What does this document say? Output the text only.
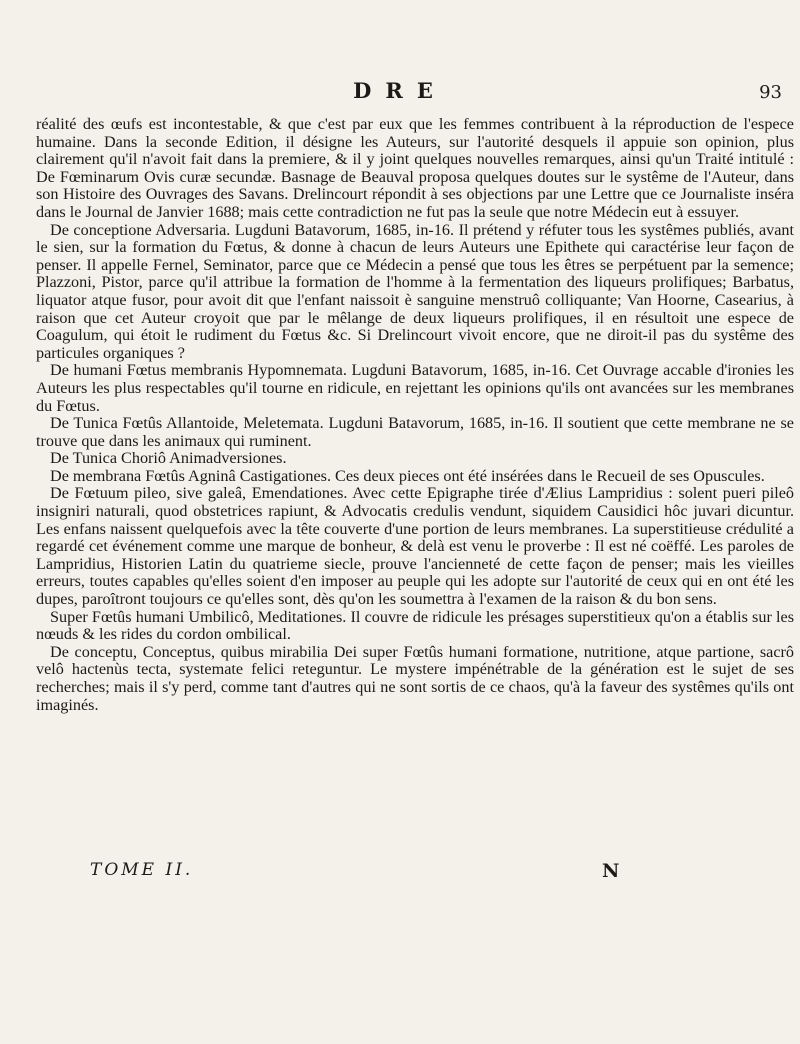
DRE	93

réalité des œufs est incontestable, & que c'est par eux que les femmes contribuent à la réproduction de l'espece humaine. Dans la seconde Edition, il désigne les Auteurs, sur l'autorité desquels il appuie son opinion, plus clairement qu'il n'avoit fait dans la premiere, & il y joint quelques nouvelles remarques, ainsi qu'un Traité intitulé : De Fœminarum Ovis curæ secundæ. Basnage de Beauval proposa quelques doutes sur le systême de l'Auteur, dans son Histoire des Ouvrages des Savans. Drelincourt répondit à ses objections par une Lettre que ce Journaliste inséra dans le Journal de Janvier 1688; mais cette contradiction ne fut pas la seule que notre Médecin eut à essuyer.

De conceptione Adversaria. Lugduni Batavorum, 1685, in-16. Il prétend y réfuter tous les systêmes publiés, avant le sien, sur la formation du Fœtus, & donne à chacun de leurs Auteurs une Epithete qui caractérise leur façon de penser. Il appelle Fernel, Seminator, parce que ce Médecin a pensé que tous les êtres se perpétuent par la semence; Plazzoni, Pistor, parce qu'il attribue la formation de l'homme à la fermentation des liqueurs prolifiques; Barbatus, liquator atque fusor, pour avoit dit que l'enfant naissoit è sanguine menstruô colliquante; Van Hoorne, Casearius, à raison que cet Auteur croyoit que par le mêlange de deux liqueurs prolifiques, il en résultoit une espece de Coagulum, qui étoit le rudiment du Fœtus &c. Si Drelincourt vivoit encore, que ne diroit-il pas du systême des particules organiques ?

De humani Fœtus membranis Hypomnemata. Lugduni Batavorum, 1685, in-16. Cet Ouvrage accable d'ironies les Auteurs les plus respectables qu'il tourne en ridicule, en rejettant les opinions qu'ils ont avancées sur les membranes du Fœtus.

De Tunica Fœtûs Allantoide, Meletemata. Lugduni Batavorum, 1685, in-16. Il soutient que cette membrane ne se trouve que dans les animaux qui ruminent.

De Tunica Choriô Animadversiones.

De membrana Fœtûs Agninâ Castigationes. Ces deux pieces ont été insérées dans le Recueil de ses Opuscules.

De Fœtuum pileo, sive galeâ, Emendationes. Avec cette Epigraphe tirée d'Ælius Lampridius : solent pueri pileô insigniri naturali, quod obstetrices rapiunt, & Advocatis credulis vendunt, siquidem Causidici hôc juvari dicuntur. Les enfans naissent quelquefois avec la tête couverte d'une portion de leurs membranes. La superstitieuse crédulité a regardé cet événement comme une marque de bonheur, & delà est venu le proverbe : Il est né coëffé. Les paroles de Lampridius, Historien Latin du quatrieme siecle, prouve l'ancienneté de cette façon de penser; mais les vieilles erreurs, toutes capables qu'elles soient d'en imposer au peuple qui les adopte sur l'autorité de ceux qui en ont été les dupes, paroîtront toujours ce qu'elles sont, dès qu'on les soumettra à l'examen de la raison & du bon sens.

Super Fœtûs humani Umbilicô, Meditationes. Il couvre de ridicule les présages superstitieux qu'on a établis sur les nœuds & les rides du cordon ombilical.

De conceptu, Conceptus, quibus mirabilia Dei super Fœtûs humani formatione, nutritione, atque partione, sacrô velô hactenùs tecta, systemate felici reteguntur. Le mystere impénétrable de la génération est le sujet de ses recherches; mais il s'y perd, comme tant d'autres qui ne sont sortis de ce chaos, qu'à la faveur des systêmes qu'ils ont imaginés.

TOME II.	N
